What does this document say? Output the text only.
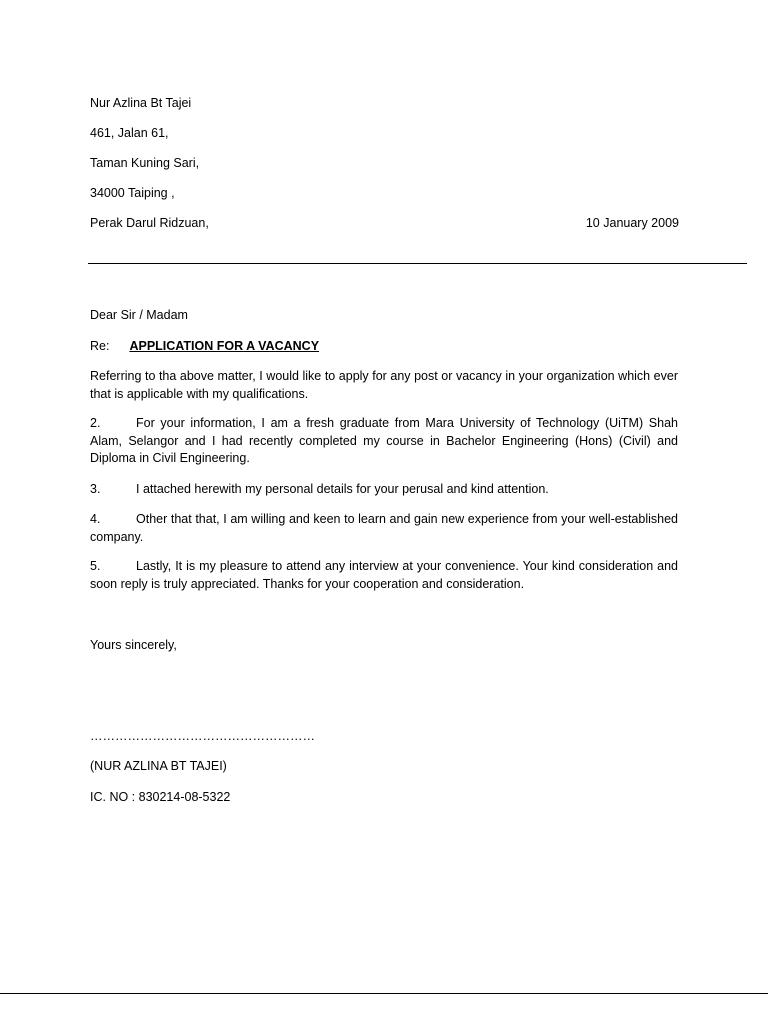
Nur Azlina Bt Tajei
461, Jalan 61,
Taman Kuning Sari,
34000 Taiping ,
Perak Darul Ridzuan,	10 January 2009
Dear Sir / Madam
Re: APPLICATION FOR A VACANCY
Referring to tha above matter, I would like to apply for any post or vacancy in your organization which ever that is applicable with my qualifications.
2.	For your information, I am a fresh graduate from Mara University of Technology (UiTM) Shah Alam, Selangor and I had recently completed my course in Bachelor Engineering (Hons) (Civil) and Diploma in Civil Engineering.
3.	I attached herewith my personal details for your perusal and kind attention.
4.	Other that that, I am willing and keen to learn and gain new experience from your well-established company.
5.	Lastly, It is my pleasure to attend any interview at your convenience. Your kind consideration and soon reply is truly appreciated. Thanks for your cooperation and consideration.
Yours sincerely,
………………………………………………
(NUR AZLINA BT TAJEI)
IC. NO : 830214-08-5322
